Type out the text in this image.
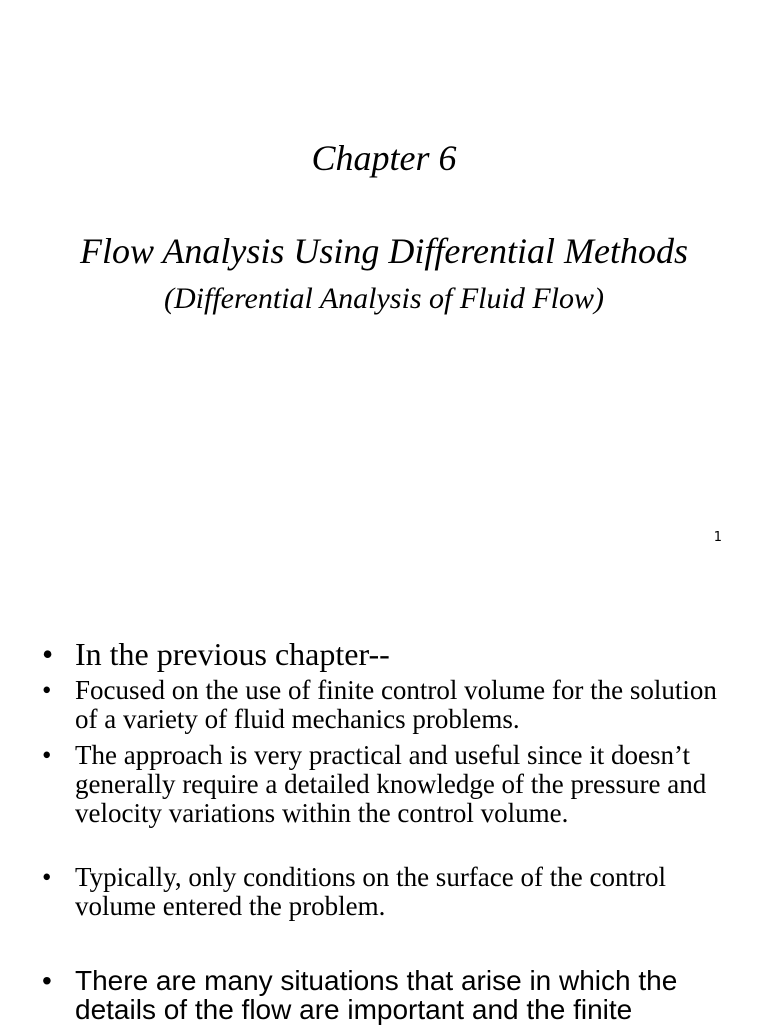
Chapter 6
Flow Analysis Using Differential Methods
(Differential Analysis of Fluid Flow)
1
• In the previous chapter--
• Focused on the use of finite control volume for the solution of a variety of fluid mechanics problems.
• The approach is very practical and useful since it doesn’t generally require a detailed knowledge of the pressure and velocity variations within the control volume.
• Typically, only conditions on the surface of the control volume entered the problem.
• There are many situations that arise in which the details of the flow are important and the finite
